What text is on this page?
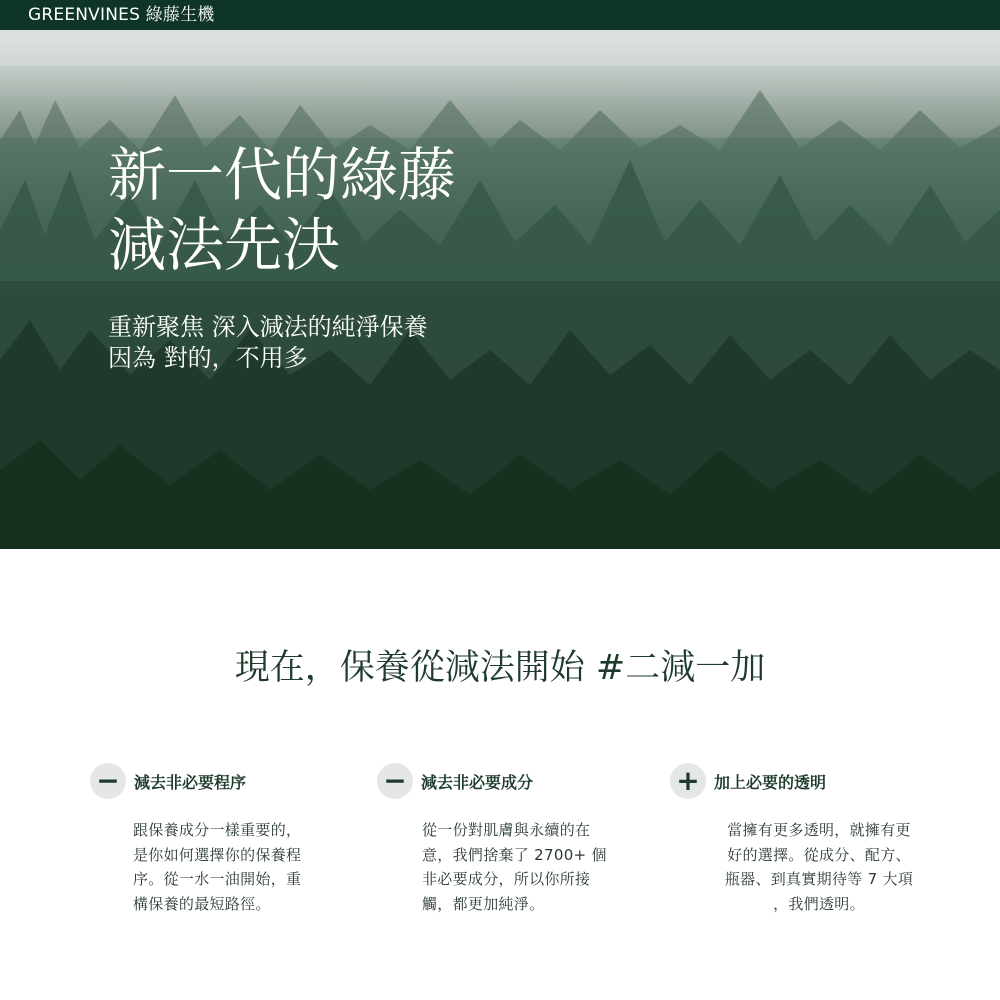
GREENVINES 綠藤生機
新一代的綠藤
減法先決
重新聚焦 深入減法的純淨保養
因為 對的，不用多
現在，保養從減法開始 #二減一加
− 減去非必要程序
跟保養成分一樣重要的，
是你如何選擇你的保養程
序。從一水一油開始，重
構保養的最短路徑。
− 減去非必要成分
從一份對肌膚與永續的在
意，我們捨棄了 2700+ 個
非必要成分，所以你所接
觸，都更加純淨。
+ 加上必要的透明
當擁有更多透明，就擁有更
好的選擇。從成分、配方、
瓶器、到真實期待等 7 大項
，我們透明。
